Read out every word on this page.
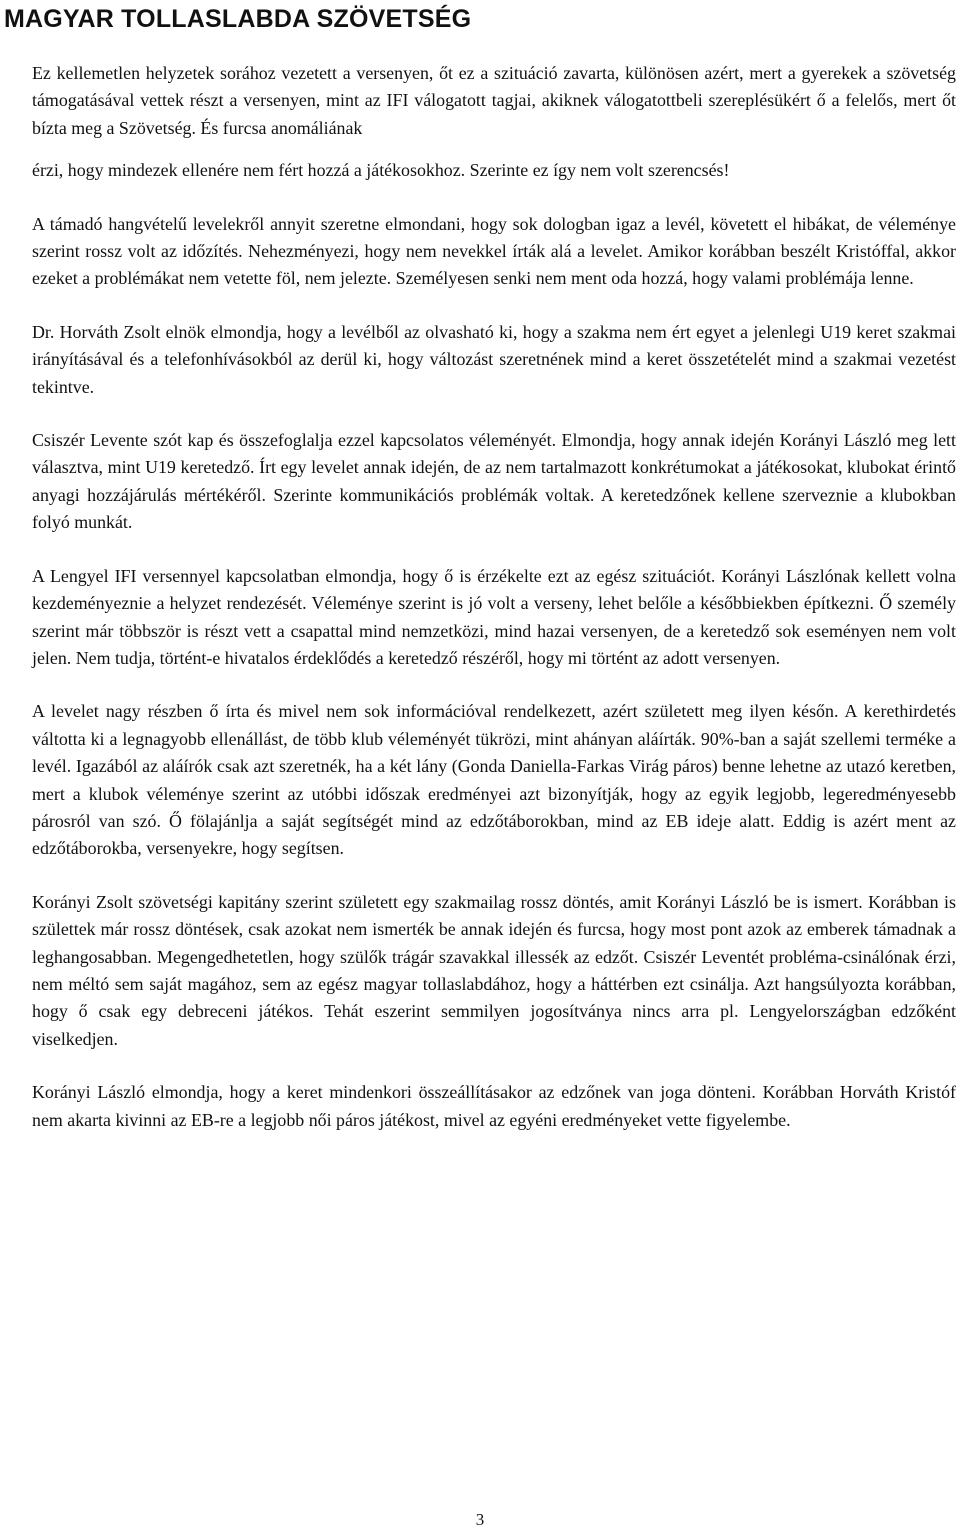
MAGYAR TOLLASLABDA SZÖVETSÉG

Ez kellemetlen helyzetek sorához vezetett a versenyen, őt ez a szituáció zavarta, különösen azért, mert a gyerekek a szövetség támogatásával vettek részt a versenyen, mint az IFI válogatott tagjai, akiknek válogatottbeli szereplésükért ő a felelős, mert őt bízta meg a Szövetség. És furcsa anomáliának

érzi, hogy mindezek ellenére nem fért hozzá a játékosokhoz. Szerinte ez így nem volt szerencsés!

A támadó hangvételű levelekről annyit szeretne elmondani, hogy sok dologban igaz a levél, követett el hibákat, de véleménye szerint rossz volt az időzítés. Nehezményezi, hogy nem nevekkel írták alá a levelet. Amikor korábban beszélt Kristóffal, akkor ezeket a problémákat nem vetette föl, nem jelezte. Személyesen senki nem ment oda hozzá, hogy valami problémája lenne.

Dr. Horváth Zsolt elnök elmondja, hogy a levélből az olvasható ki, hogy a szakma nem ért egyet a jelenlegi U19 keret szakmai irányításával és a telefonhívásokból az derül ki, hogy változást szeretnének mind a keret összetételét mind a szakmai vezetést tekintve.

Csiszér Levente szót kap és összefoglalja ezzel kapcsolatos véleményét. Elmondja, hogy annak idején Korányi László meg lett választva, mint U19 keretedző. Írt egy levelet annak idején, de az nem tartalmazott konkrétumokat a játékosokat, klubokat érintő anyagi hozzájárulás mértékéről. Szerinte kommunikációs problémák voltak. A keretedzőnek kellene szerveznie a klubokban folyó munkát.

A Lengyel IFI versennyel kapcsolatban elmondja, hogy ő is érzékelte ezt az egész szituációt. Korányi Lászlónak kellett volna kezdeményeznie a helyzet rendezését. Véleménye szerint is jó volt a verseny, lehet belőle a későbbiekben építkezni. Ő személy szerint már többször is részt vett a csapattal mind nemzetközi, mind hazai versenyen, de a keretedző sok eseményen nem volt jelen. Nem tudja, történt-e hivatalos érdeklődés a keretedző részéről, hogy mi történt az adott versenyen.

A levelet nagy részben ő írta és mivel nem sok információval rendelkezett, azért született meg ilyen későn. A kerethirdetés váltotta ki a legnagyobb ellenállást, de több klub véleményét tükrözi, mint ahányan aláírták. 90%-ban a saját szellemi terméke a levél. Igazából az aláírók csak azt szeretnék, ha a két lány (Gonda Daniella-Farkas Virág páros) benne lehetne az utazó keretben, mert a klubok véleménye szerint az utóbbi időszak eredményei azt bizonyítják, hogy az egyik legjobb, legeredményesebb párosról van szó. Ő fölajánlja a saját segítségét mind az edzőtáborokban, mind az EB ideje alatt. Eddig is azért ment az edzőtáborokba, versenyekre, hogy segítsen.

Korányi Zsolt szövetségi kapitány szerint született egy szakmailag rossz döntés, amit Korányi László be is ismert. Korábban is születtek már rossz döntések, csak azokat nem ismerték be annak idején és furcsa, hogy most pont azok az emberek támadnak a leghangosabban. Megengedhetetlen, hogy szülők trágár szavakkal illessék az edzőt. Csiszér Leventét probléma-csinálónak érzi, nem méltó sem saját magához, sem az egész magyar tollaslabdához, hogy a háttérben ezt csinálja. Azt hangsúlyozta korábban, hogy ő csak egy debreceni játékos. Tehát eszerint semmilyen jogosítványa nincs arra pl. Lengyelországban edzőként viselkedjen.

Korányi László elmondja, hogy a keret mindenkori összeállításakor az edzőnek van joga dönteni. Korábban Horváth Kristóf nem akarta kivinni az EB-re a legjobb női páros játékost, mivel az egyéni eredményeket vette figyelembe.

3
